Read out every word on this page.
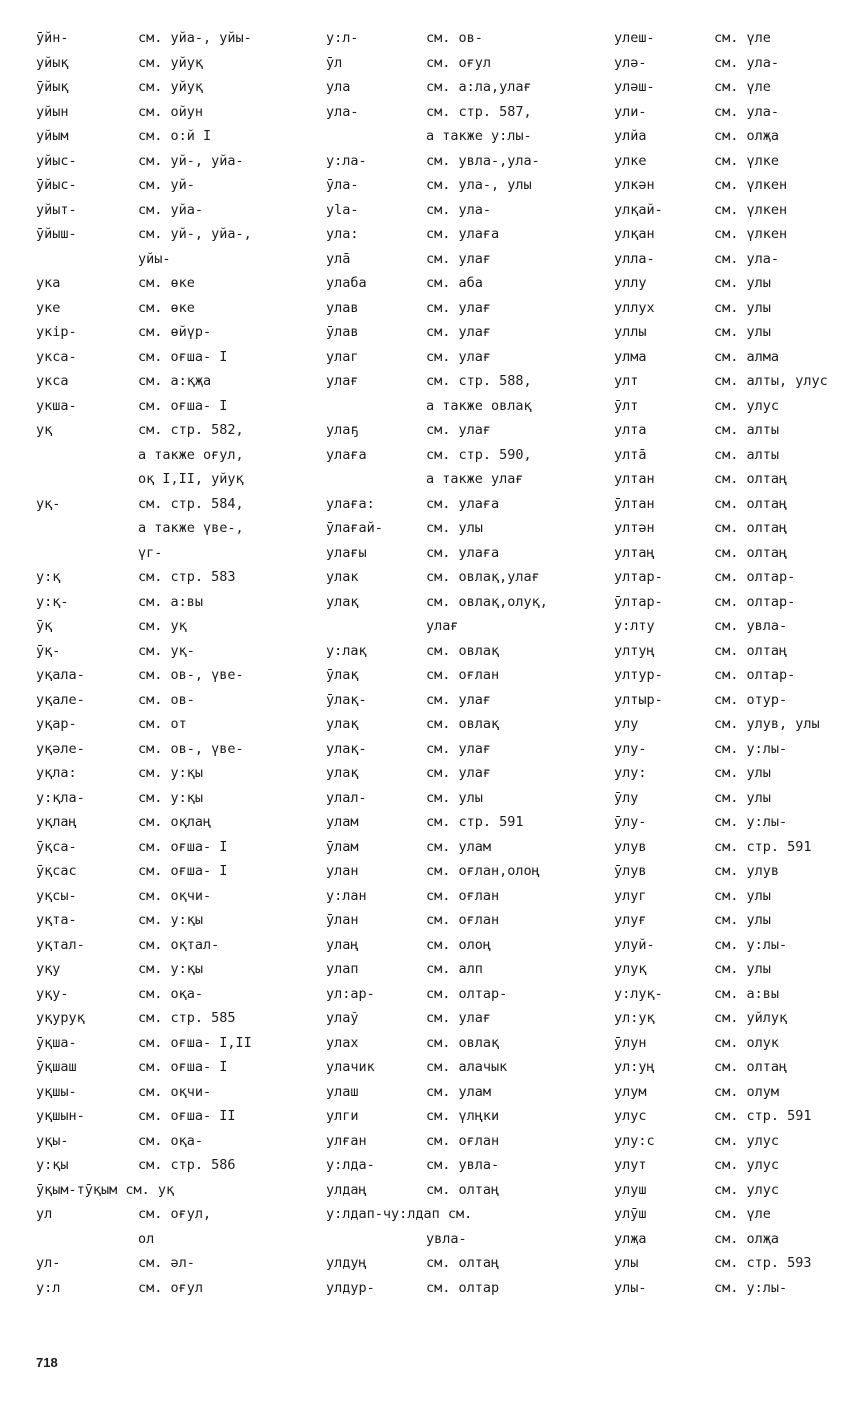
ӯйн-	см. уйа-, уйы-
уйық	см. уйуқ
ӯйық	см. уйуқ
уйын	см. ойун
уйым	см. о:й I
уйыс-	см. уй-, уйа-
ӯйыс-	см. уй-
уйыт-	см. уйа-
ӯйыш-	см. уй-, уйа-,
уйы-
ука	см. өке
уке	см. өке
укiр-	см. өйүр-
укса-	см. оғша- I
уксa	см. а:қҗа
укша-	см. оғша- I
уқ	см. стр. 582,
а также оғул,
оқ I,II, уйуқ
уқ-	см. стр. 584,
а также үвe-,
үг-
у:қ	см. стр. 583
у:қ-	см. а:вы
ӯқ	см. уқ
ӯқ-	см. уқ-
уқала-	см. ов-, үвe-
уқале-	см. ов-
уқар-	см. от
уқәле-	см. ов-, үвe-
уқла:	см. у:қы
у:қла-	см. у:қы
уқлаң	см. оқлаң
ӯқса-	см. оғша- I
ӯқсас	см. оғша- I
уқсы-	см. оқчи-
уқта-	см. у:қы
уқтал-	см. оқтал-
уқу	см. у:қы
уқу-	см. оқа-
уқуруқ	см. стр. 585
ӯқша-	см. оғша- I,II
ӯқшаш	см. оғша- I
уқшы-	см. оқчи-
уқшын-	см. оғша- II
уқы-	см. оқа-
у:қы	см. стр. 586
ӯқым-тӯқым см. уқ
ул	см. оғул,
ол
ул-	см. әл-
у:л	см. оғул
у:л-	см. ов-
ӯл	см. оғул
ула	см. а:ла,улағ
ула-	см. стр. 587,
а также у:лы-
у:ла-	см. увла-,ула-
ӯла-	см. ула-, улы
уlа-	см. ула-
ула:	см. улаға
улā	см. улағ
улаба	см. аба
улав	см. улағ
ӯлав	см. улағ
улаг	см. улағ
улағ	см. стр. 588,
а также овлақ
улаҕ	см. улағ
улаға	см. стр. 590,
а также улағ
улаға:	см. улаға
ӯлағай-	см. улы
улағы	см. улаға
улак	см. овлақ,улағ
улақ	см. овлақ,олуқ,
улағ
у:лақ	см. овлақ
ӯлақ	см. оғлан
ӯлақ-	см. улағ
улақ	см. овлақ
улақ-	см. улағ
улақ	см. улағ
улал-	см. улы
улам	см. стр. 591
ӯлам	см. улам
улан	см. оғлан,олоң
у:лан	см. оғлан
ӯлан	см. оғлан
улаң	см. олоң
улап	см. алп
ул:ар-	см. олтар-
улаў	см. улағ
улах	см. овлақ
улачик	см. алачык
улаш	см. улам
улги	см. үлңки
улған	см. оғлан
у:лда-	см. увла-
улдаң	см. олтаң
у:лдап-чу:лдап см.
увла-
улдуң	см. олтаң
улдур-	см. олтар
улеш-	см. үле
улә-	см. ула-
уләш-	см. үле
ули-	см. ула-
улйа	см. олҗа
улке	см. үлке
улкән	см. үлкен
улқай-	см. үлкен
улқан	см. үлкен
улла-	см. ула-
уллу	см. улы
уллух	см. улы
уллы	см. улы
улма	см. алма
улт	см. алты, улус
ӯлт	см. улус
ултa	см. алты
ултā	см. алты
ултан	см. олтаң
ӯлтан	см. олтаң
ултән	см. олтаң
ултаң	см. олтаң
ултар-	см. олтар-
ӯлтар-	см. олтар-
у:лту	см. увла-
ултуң	см. олтаң
ултур-	см. олтар-
ултыр-	см. отур-
улу	см. улув, улы
улу-	см. у:лы-
улу:	см. улы
ӯлу	см. улы
ӯлу-	см. у:лы-
улув	см. стр. 591
ӯлув	см. улув
улуг	см. улы
улуғ	см. улы
улуй-	см. у:лы-
улуқ	см. улы
у:луқ-	см. а:вы
ул:уқ	см. уйлуқ
ӯлун	см. олук
ул:уң	см. олтаң
улум	см. олум
улус	см. стр. 591
улу:с	см. улус
улут	см. улус
улуш	см. улус
улӯш	см. үле
улҗа	см. олҗа
улы	см. стр. 593
улы-	см. у:лы-
718
